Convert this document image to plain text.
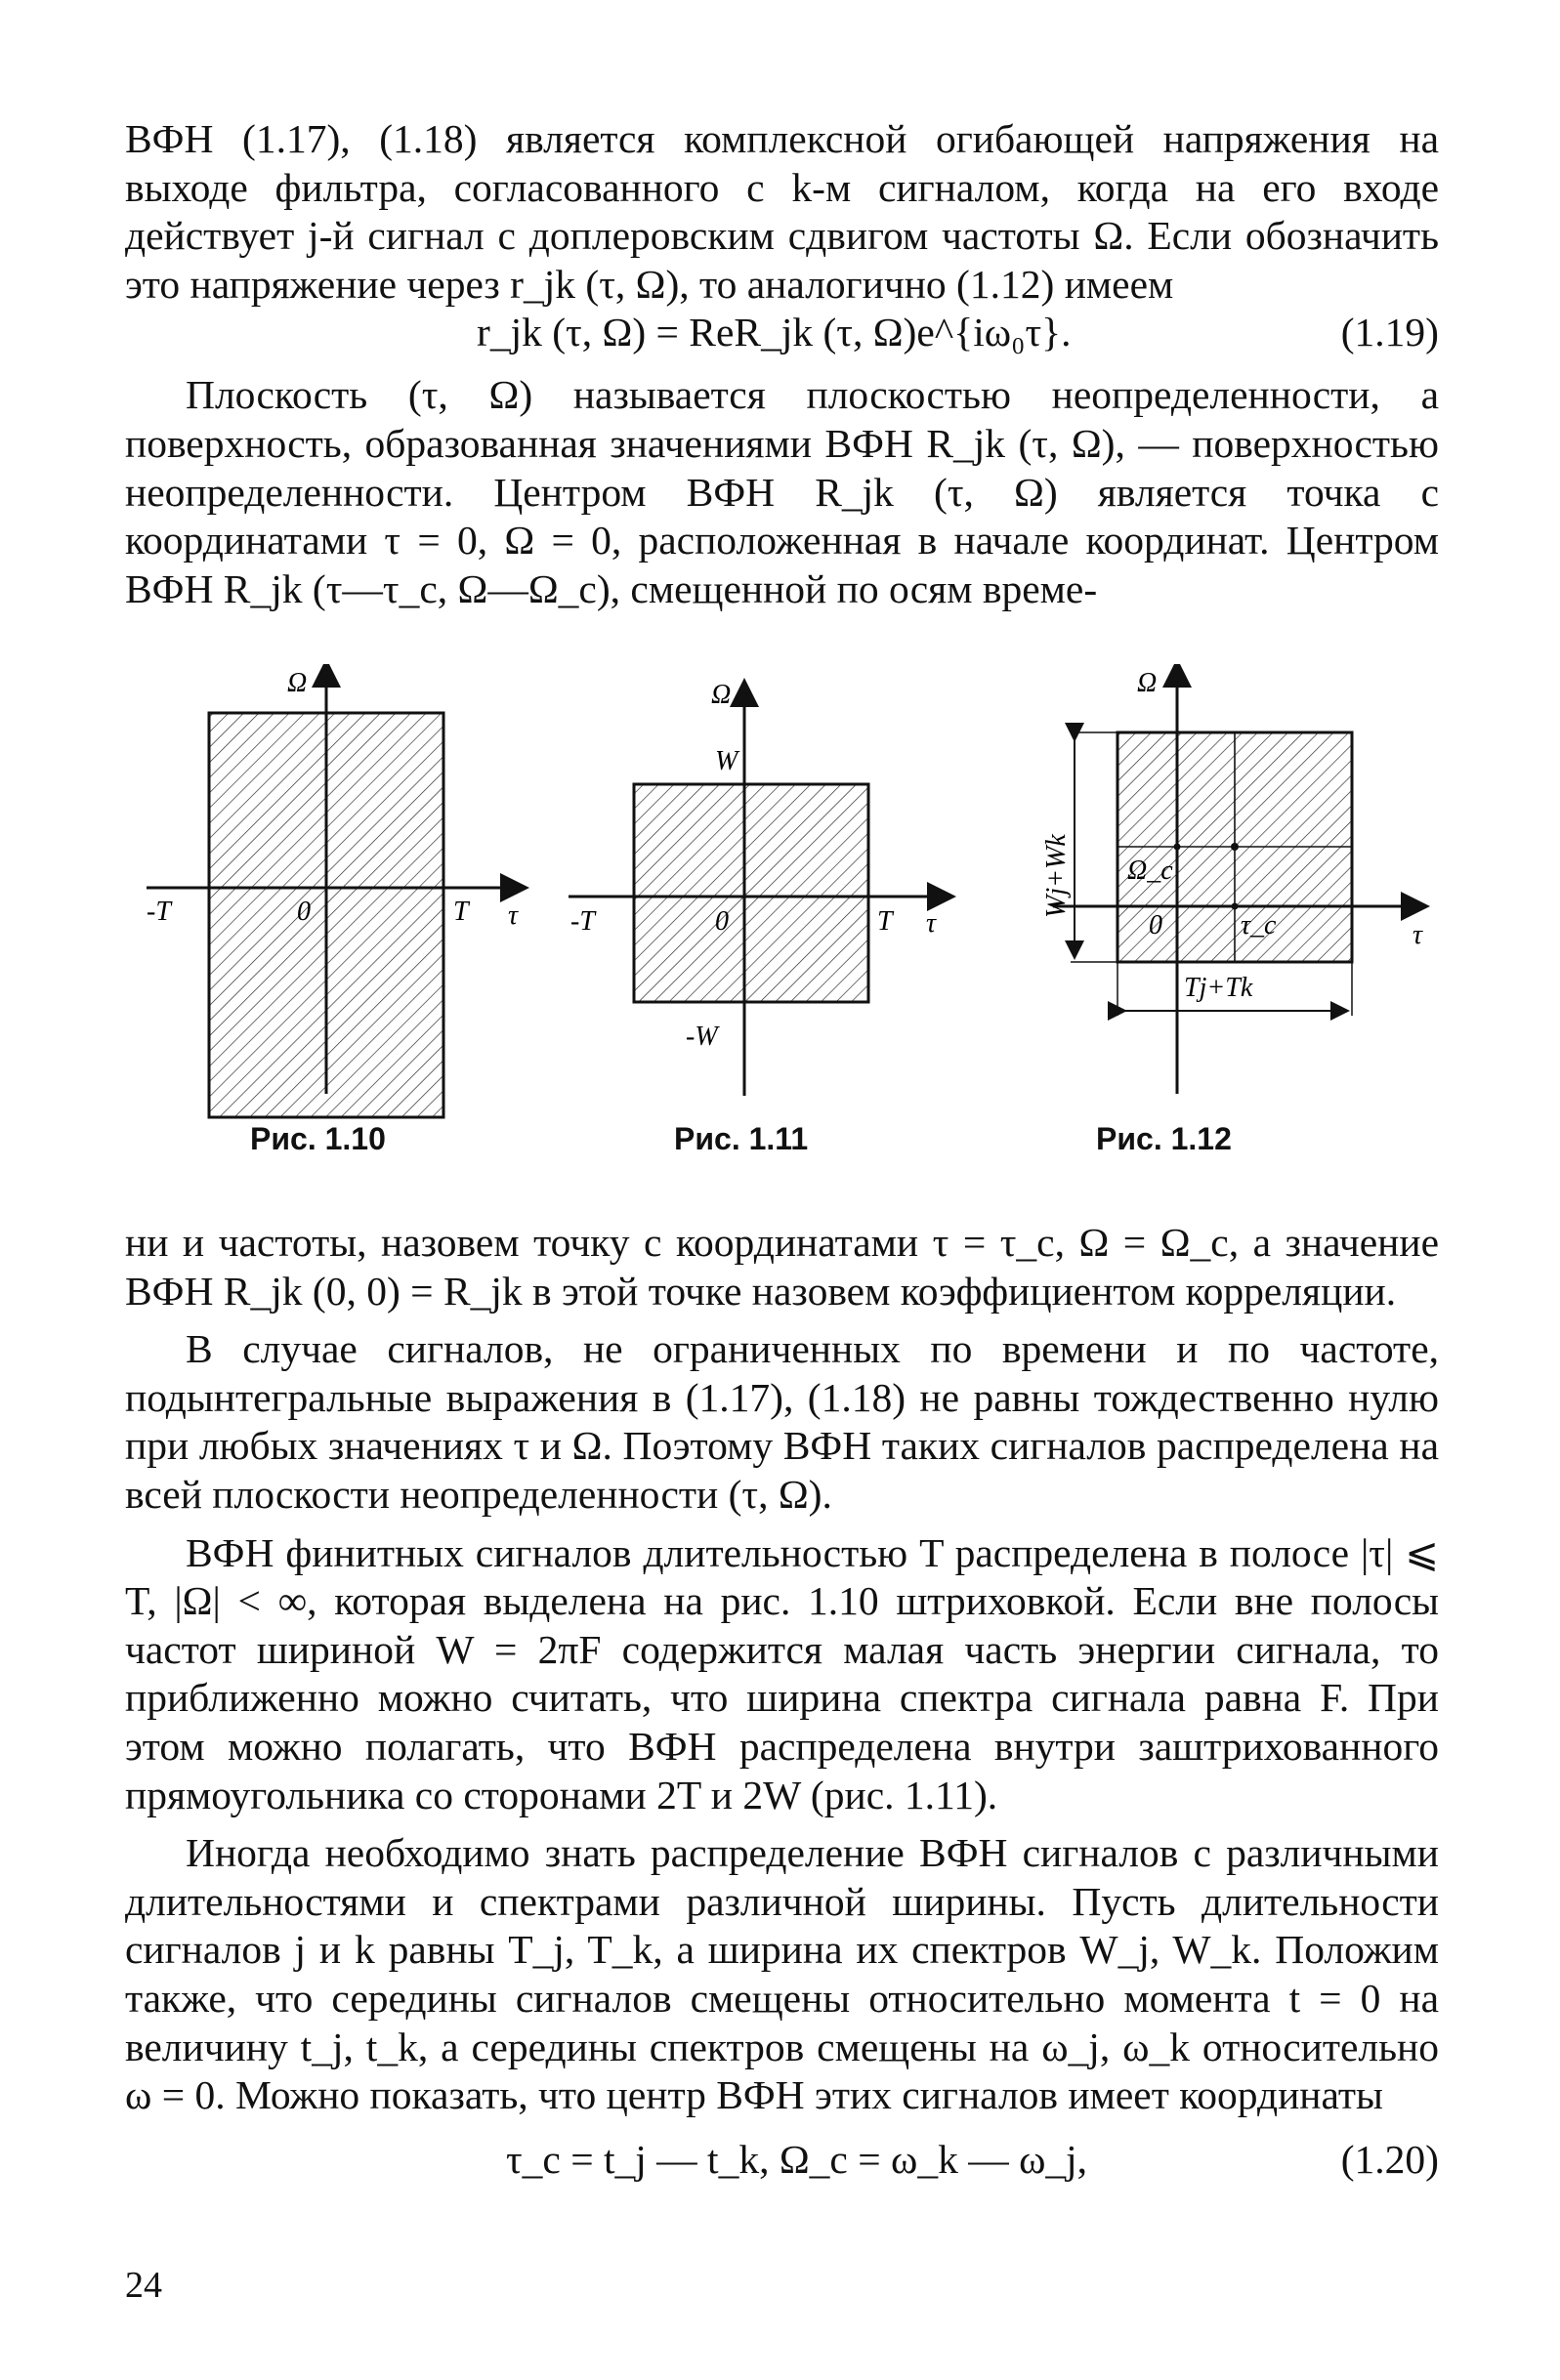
ВФН (1.17), (1.18) является комплексной огибающей напряжения на выходе фильтра, согласованного с k-м сигналом, когда на его входе действует j-й сигнал с доплеровским сдвигом частоты Ω. Если обозначить это напряжение через r_jk (τ, Ω), то аналогично (1.12) имеем

r_jk (τ, Ω) = ReR_jk (τ, Ω)e^{iω₀τ}.	(1.19)

Плоскость (τ, Ω) называется плоскостью неопределенности, а поверхность, образованная значениями ВФН R_jk (τ, Ω), — поверхностью неопределенности. Центром ВФН R_jk (τ, Ω) является точка с координатами τ = 0, Ω = 0, расположенная в начале координат. Центром ВФН R_jk (τ—τ_c, Ω—Ω_c), смещенной по осям време-

Ω
τ
0
-T	T
Ω
τ
0
-T	T
W
-W
Ω
τ
0
Ω_c
τ_c
Wj+Wk
Tj+Tk
Рис. 1.10	Рис. 1.11	Рис. 1.12

ни и частоты, назовем точку с координатами τ = τ_c, Ω = Ω_c, а значение ВФН R_jk (0, 0) = R_jk в этой точке назовем коэффициентом корреляции.

В случае сигналов, не ограниченных по времени и по частоте, подынтегральные выражения в (1.17), (1.18) не равны тождественно нулю при любых значениях τ и Ω. Поэтому ВФН таких сигналов распределена на всей плоскости неопределенности (τ, Ω).

ВФН финитных сигналов длительностью T распределена в полосе |τ| ⩽ T, |Ω| < ∞, которая выделена на рис. 1.10 штриховкой. Если вне полосы частот шириной W = 2πF содержится малая часть энергии сигнала, то приближенно можно считать, что ширина спектра сигнала равна F. При этом можно полагать, что ВФН распределена внутри заштрихованного прямоугольника со сторонами 2T и 2W (рис. 1.11).

Иногда необходимо знать распределение ВФН сигналов с различными длительностями и спектрами различной ширины. Пусть длительности сигналов j и k равны T_j, T_k, а ширина их спектров W_j, W_k. Положим также, что середины сигналов смещены относительно момента t = 0 на величину t_j, t_k, а середины спектров смещены на ω_j, ω_k относительно ω = 0. Можно показать, что центр ВФН этих сигналов имеет координаты

τ_c = t_j — t_k, Ω_c = ω_k — ω_j,	(1.20)
24
